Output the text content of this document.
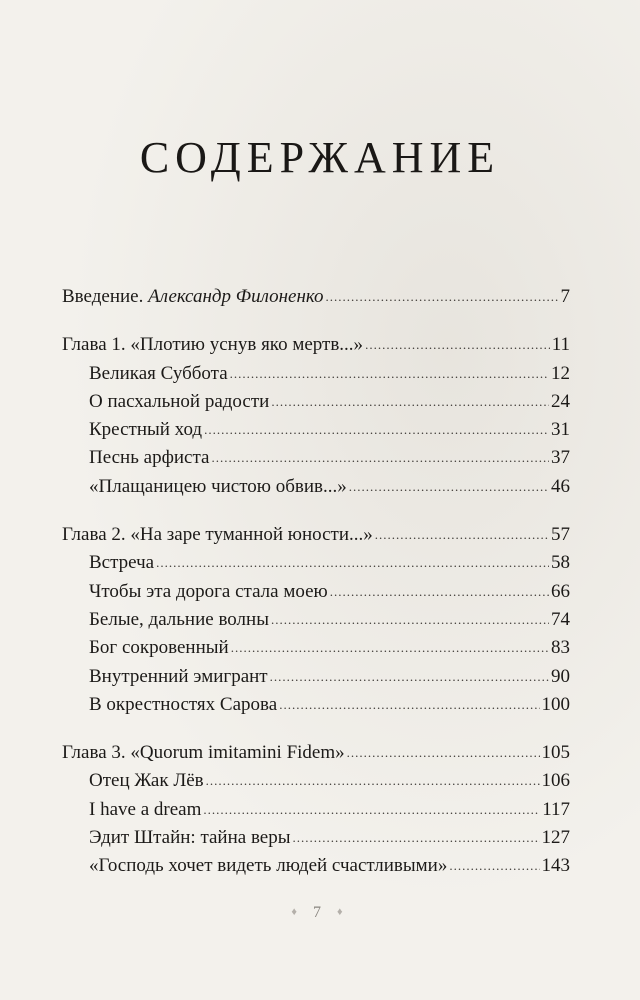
СОДЕРЖАНИЕ
Введение. Александр Филоненко .....	7
Глава 1. «Плотию уснув яко мертв...» .....	11
Великая Суббота .....	12
О пасхальной радости .....	24
Крестный ход .....	31
Песнь арфиста .....	37
«Плащаницею чистою обвив...» .....	46
Глава 2. «На заре туманной юности...» .....	57
Встреча .....	58
Чтобы эта дорога стала моею .....	66
Белые, дальние волны .....	74
Бог сокровенный .....	83
Внутренний эмигрант .....	90
В окрестностях Сарова .....	100
Глава 3. «Quorum imitamini Fidem» .....	105
Отец Жак Лёв .....	106
I have a dream .....	117
Эдит Штайн: тайна веры .....	127
«Господь хочет видеть людей счастливыми» .....	143
♦ 7 ♦
